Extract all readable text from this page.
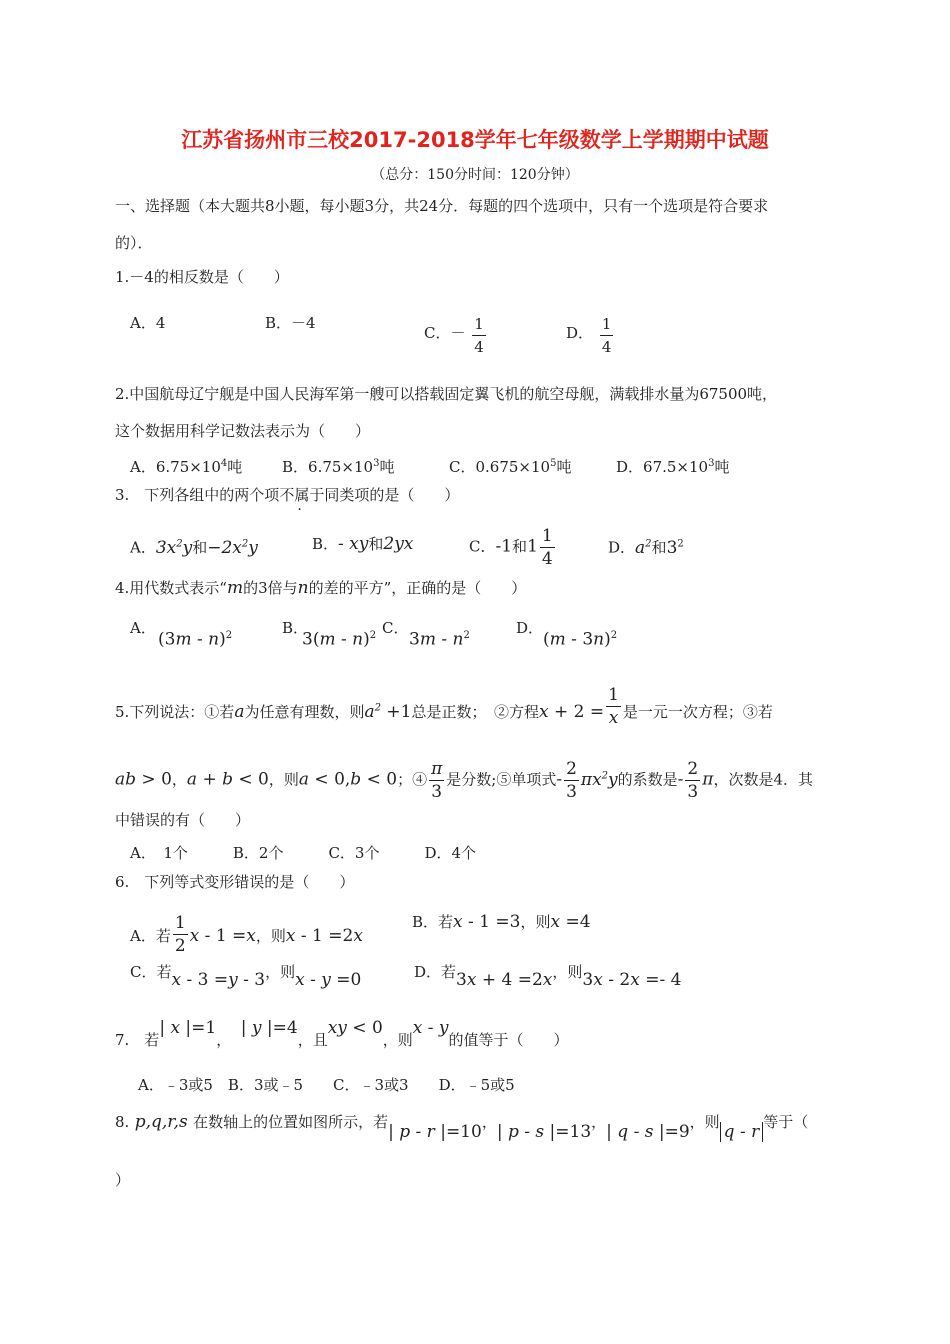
江苏省扬州市三校2017-2018学年七年级数学上学期期中试题
（总分：150分时间：120分钟）
一、选择题（本大题共8小题，每小题3分，共24分．每题的四个选项中，只有一个选项是符合要求
的）．
1.－4的相反数是（　　）
A．4	B．－4
C．－ $\frac{1}{4}$	D． $\frac{1}{4}$
2.中国航母辽宁舰是中国人民海军第一艘可以搭载固定翼飞机的航空母舰，满载排水量为67500吨，
这个数据用科学记数法表示为（　　）
A．$6.75\times 10^4$吨	B．$6.75\times 10^3$吨	C．$0.675\times 10^5$吨	D．$67.5\times 10^3$吨
3.　下列各组中的两个项不属于同类项的是（　　）
A．$3x^2y$和$-2x^2y$	B．- xy和2yx	C．-1和$1 \frac{1}{4}$	D．$a^2$和$3^2$
4.用代数式表示“m的3倍与n的差的平方”，正确的是（　　）
A．
(3m - n)$^2$	B．
3(m - n)$^2$ C．
$3m - n^2$	D．
(m - 3n)$^2$
5.下列说法：①若a为任意有理数，则$a^2 +1$总是正数；　②方程$x + 2 = \frac{1}{x}$ 是一元一次方程；③若
ab > 0，a + b < 0，则a < 0,b < 0；④ $\frac{\pi}{3}$ 是分数;⑤单项式- $\frac{2}{3} \pi x^2y$的系数是- $\frac{2}{3}$ π，次数是4．其
中错误的有（　　）
A．　1个　　　B．2个　　　C．3个　　　D．4个
6.　下列等式变形错误的是（　　）
A．若 $\frac{1}{2}$ x - 1 =x，则x - 1 =2x
B．若x - 1 =3，则x =4
C．若x - 3 =y - 3，则x - y =0	D．若3x + 4 =2x，则3x - 2x =- 4
7.　若| x |=1，　| y |=4，且xy < 0，则x - y的值等于（　　）
A．﹣3或5　B．3或﹣5　　C．﹣3或3　　D．﹣5或5
8. p,q,r,s 在数轴上的位置如图所示，若| p - r |=10，| p - s |=13，| q - s |=9，则 q - r 等于（
）
